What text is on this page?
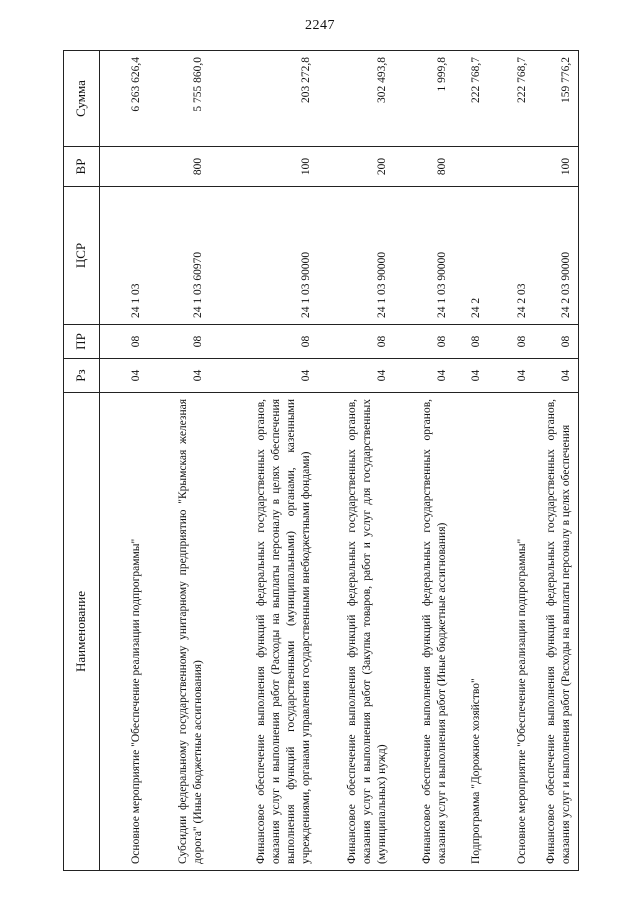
2247
Наименование	Рз	ПР	ЦСР	ВР	Сумма
Основное мероприятие "Обеспечение реализации подпрограммы"	04	08	24 1 03		6 263 626,4
Субсидии федеральному государственному унитарному предприятию "Крымская железная дорога" (Иные бюджетные ассигнования)	04	08	24 1 03 60970	800	5 755 860,0
Финансовое обеспечение выполнения функций федеральных государственных органов, оказания услуг и выполнения работ (Расходы на выплаты персоналу в целях обеспечения выполнения функций государственными (муниципальными) органами, казенными учреждениями, органами управления государственными внебюджетными фондами)	04	08	24 1 03 90000	100	203 272,8
Финансовое обеспечение выполнения функций федеральных государственных органов, оказания услуг и выполнения работ (Закупка товаров, работ и услуг для государственных (муниципальных) нужд)	04	08	24 1 03 90000	200	302 493,8
Финансовое обеспечение выполнения функций федеральных государственных органов, оказания услуг и выполнения работ (Иные бюджетные ассигнования)	04	08	24 1 03 90000	800	1 999,8
Подпрограмма "Дорожное хозяйство"	04	08	24 2		222 768,7
Основное мероприятие "Обеспечение реализации подпрограммы"	04	08	24 2 03		222 768,7
Финансовое обеспечение выполнения функций федеральных государственных органов, оказания услуг и выполнения работ (Расходы на выплаты персоналу в целях обеспечения	04	08	24 2 03 90000	100	159 776,2
